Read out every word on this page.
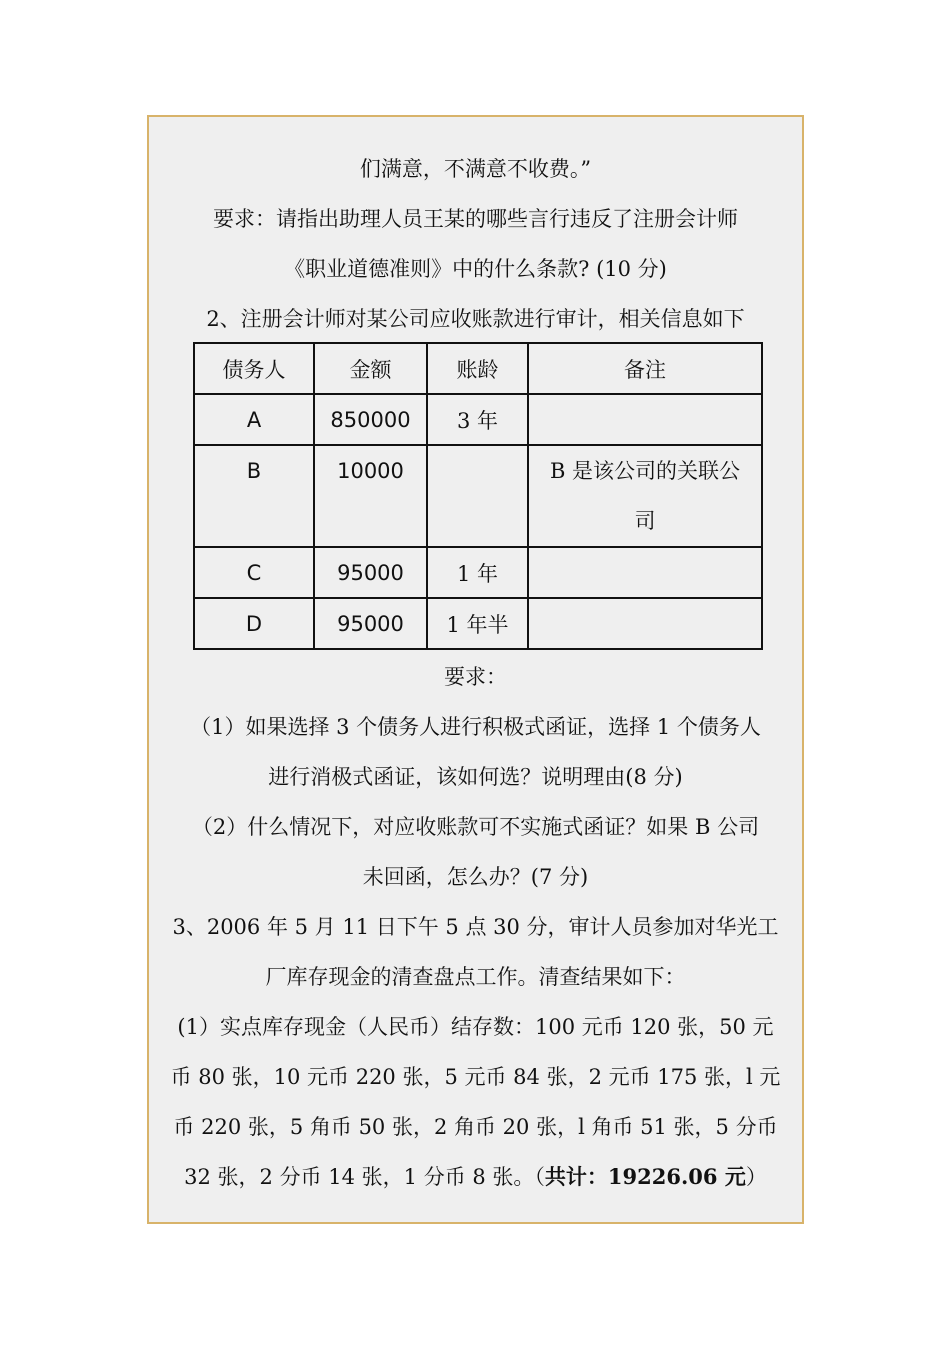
们满意，不满意不收费。”
要求：请指出助理人员王某的哪些言行违反了注册会计师
《职业道德准则》中的什么条款? (10 分)
2、注册会计师对某公司应收账款进行审计，相关信息如下
债务人	金额	账龄	备注
A	850000	3 年	
B	10000		B 是该公司的关联公
司

C	95000	1 年	
D	95000	1 年半	
要求：
（1）如果选择 3 个债务人进行积极式函证，选择 1 个债务人
进行消极式函证，该如何选？说明理由(8 分)
（2）什么情况下，对应收账款可不实施式函证？如果 B 公司
未回函，怎么办？(7 分)
3、2006 年 5 月 11 日下午 5 点 30 分，审计人员参加对华光工
厂库存现金的清查盘点工作。清查结果如下：
(1）实点库存现金（人民币）结存数：100 元币 120 张，50 元
币 80 张，10 元币 220 张，5 元币 84 张，2 元币 175 张，l 元
币 220 张，5 角币 50 张，2 角币 20 张，l 角币 51 张，5 分币
32 张，2 分币 14 张，1 分币 8 张。（共计：19226.06 元）
